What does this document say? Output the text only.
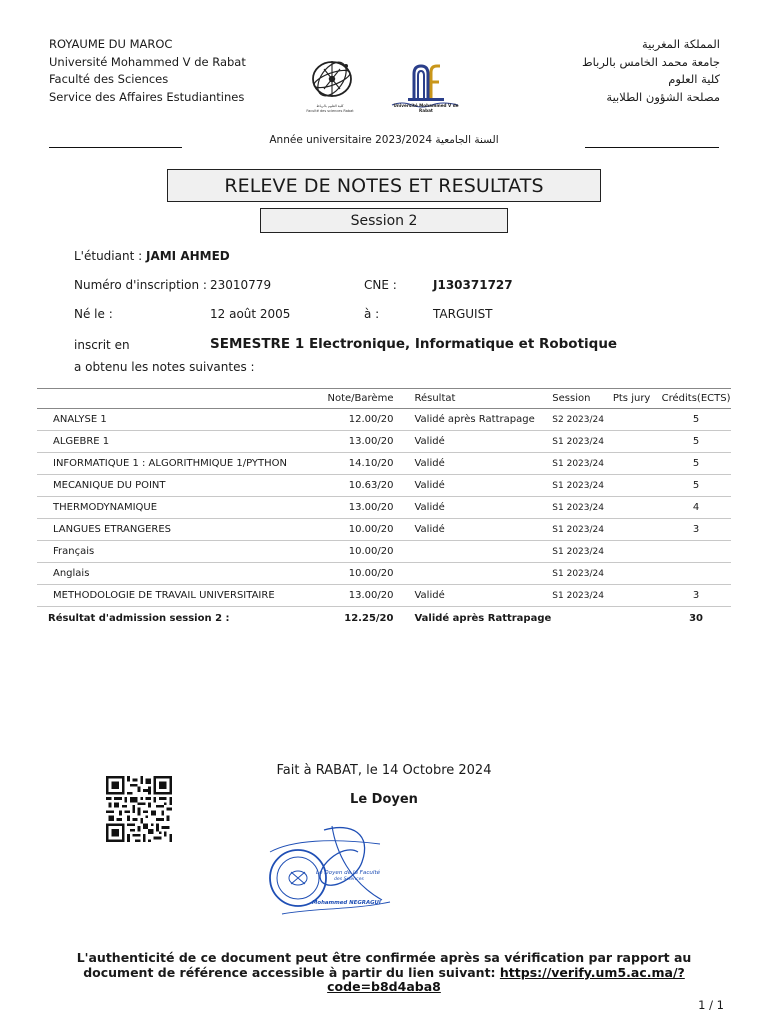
ROYAUME DU MAROC
Université Mohammed V de Rabat
Faculté des Sciences
Service des Affaires Estudiantines
المملكة المغربية
جامعة محمد الخامس بالرباط
كلية العلوم
مصلحة الشؤون الطلابية
كلية العلوم بالرباط
Faculté des sciences Rabat
Université Mohammed V de Rabat
Année universitaire 2023/2024 السنة الجامعية
RELEVE DE NOTES ET RESULTATS
Session 2
L'étudiant : JAMI AHMED
Numéro d'inscription : 23010779	CNE :	J130371727
Né le :	12 août 2005	à :	TARGUIST
inscrit en	SEMESTRE 1 Electronique, Informatique et Robotique
a obtenu les notes suivantes :
	Note/Barème	Résultat	Session	Pts jury	Crédits(ECTS)
ANALYSE 1	12.00/20	Validé après Rattrapage	S2 2023/24		5
ALGEBRE 1	13.00/20	Validé	S1 2023/24		5
INFORMATIQUE 1 : ALGORITHMIQUE 1/PYTHON	14.10/20	Validé	S1 2023/24		5
MECANIQUE DU POINT	10.63/20	Validé	S1 2023/24		5
THERMODYNAMIQUE	13.00/20	Validé	S1 2023/24		4
LANGUES ETRANGERES	10.00/20	Validé	S1 2023/24		3
Français	10.00/20		S1 2023/24		
Anglais	10.00/20		S1 2023/24		
METHODOLOGIE DE TRAVAIL UNIVERSITAIRE	13.00/20	Validé	S1 2023/24		3
Résultat d'admission session 2 :	12.25/20	Validé après Rattrapage			30
Fait à RABAT, le 14 Octobre 2024
Le Doyen
Le Doyen de la Faculté
des Sciences
Mohammed NEGRAGUI
L'authenticité de ce document peut être confirmée après sa vérification par rapport au document de référence accessible à partir du lien suivant: https://verify.um5.ac.ma/?code=b8d4aba8
1 / 1
